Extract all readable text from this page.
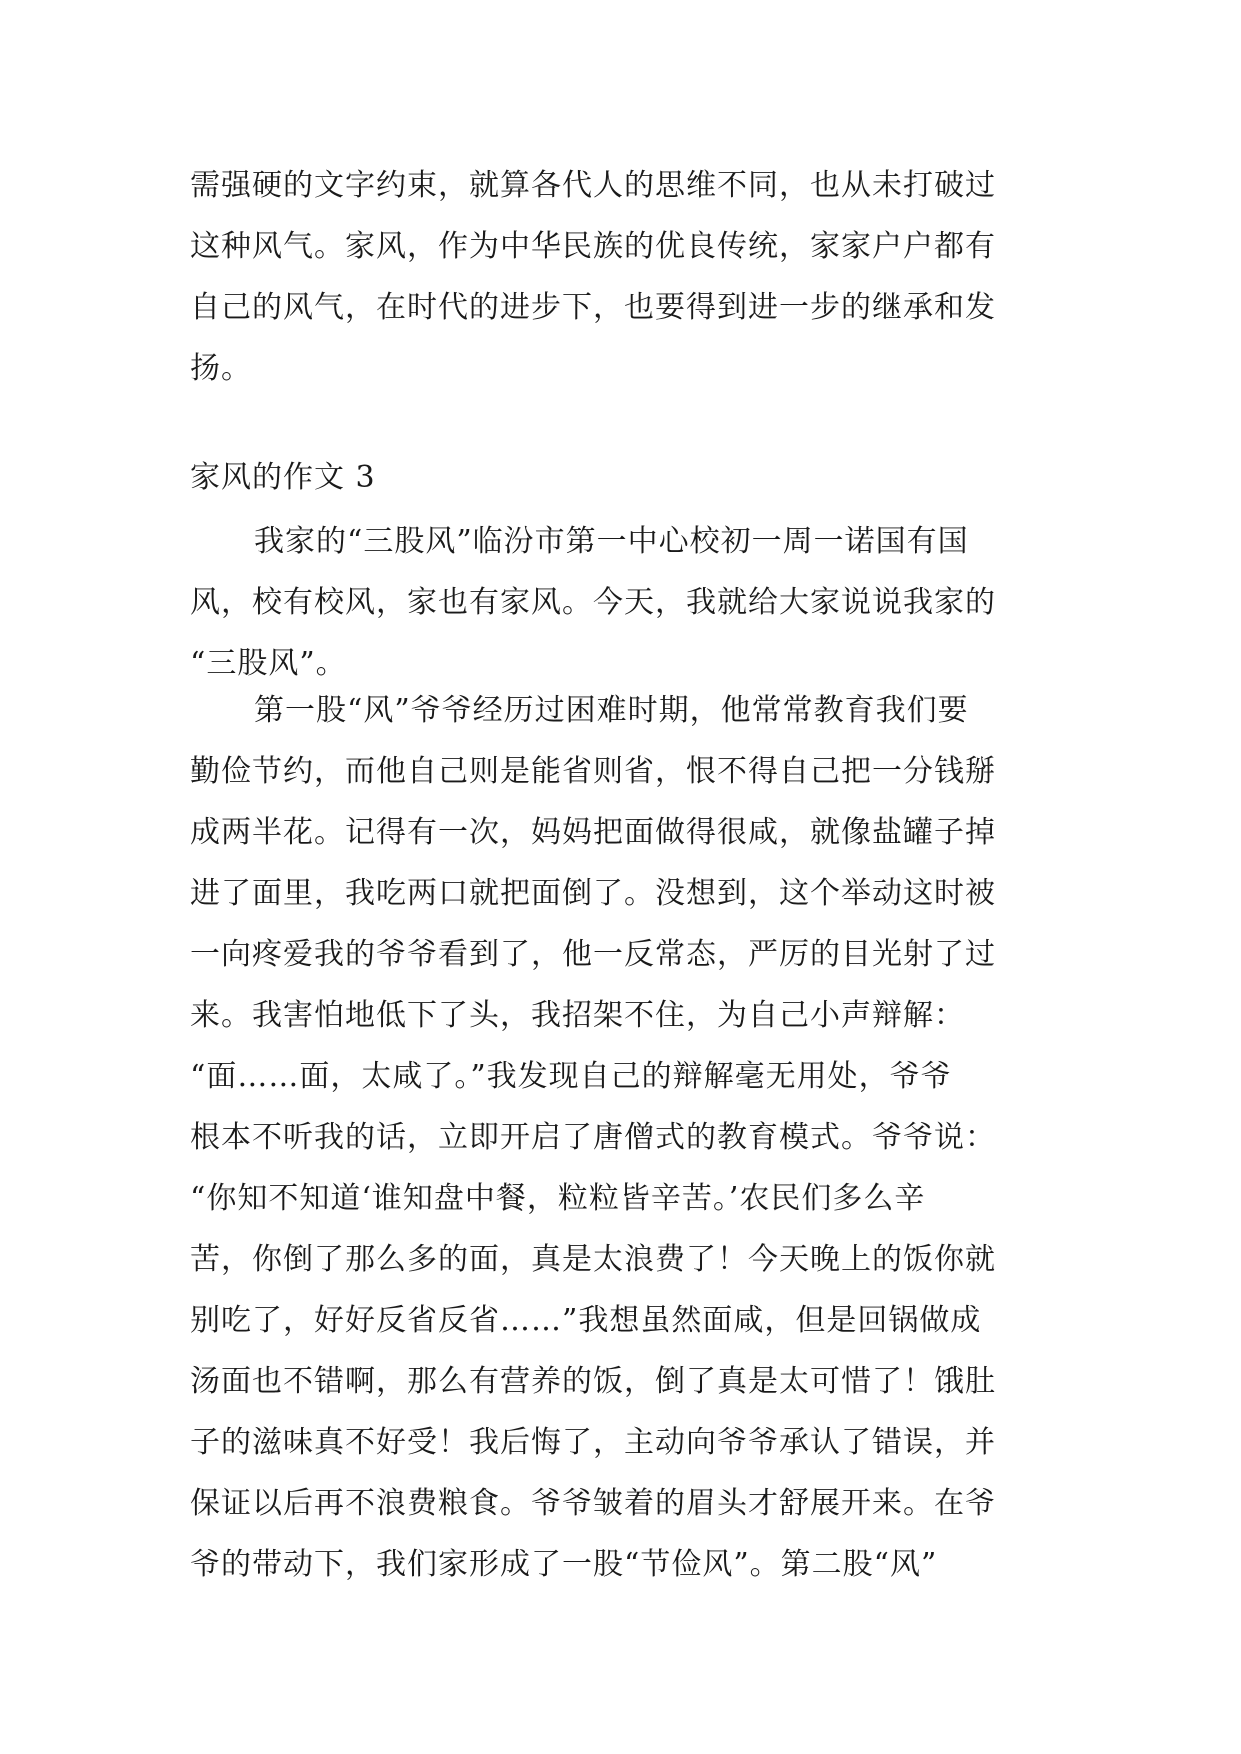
需强硬的文字约束，就算各代人的思维不同，也从未打破过
这种风气。家风，作为中华民族的优良传统，家家户户都有
自己的风气，在时代的进步下，也要得到进一步的继承和发
扬。
家风的作文 3
我家的“三股风”临汾市第一中心校初一周一诺国有国
风，校有校风，家也有家风。今天，我就给大家说说我家的
“三股风”。
第一股“风”爷爷经历过困难时期，他常常教育我们要
勤俭节约，而他自己则是能省则省，恨不得自己把一分钱掰
成两半花。记得有一次，妈妈把面做得很咸，就像盐罐子掉
进了面里，我吃两口就把面倒了。没想到，这个举动这时被
一向疼爱我的爷爷看到了，他一反常态，严厉的目光射了过
来。我害怕地低下了头，我招架不住，为自己小声辩解：
“面……面，太咸了。”我发现自己的辩解毫无用处，爷爷
根本不听我的话，立即开启了唐僧式的教育模式。爷爷说：
“你知不知道‘谁知盘中餐，粒粒皆辛苦。’农民们多么辛
苦，你倒了那么多的面，真是太浪费了！今天晚上的饭你就
别吃了，好好反省反省……”我想虽然面咸，但是回锅做成
汤面也不错啊，那么有营养的饭，倒了真是太可惜了！饿肚
子的滋味真不好受！我后悔了，主动向爷爷承认了错误，并
保证以后再不浪费粮食。爷爷皱着的眉头才舒展开来。在爷
爷的带动下，我们家形成了一股“节俭风”。第二股“风”
